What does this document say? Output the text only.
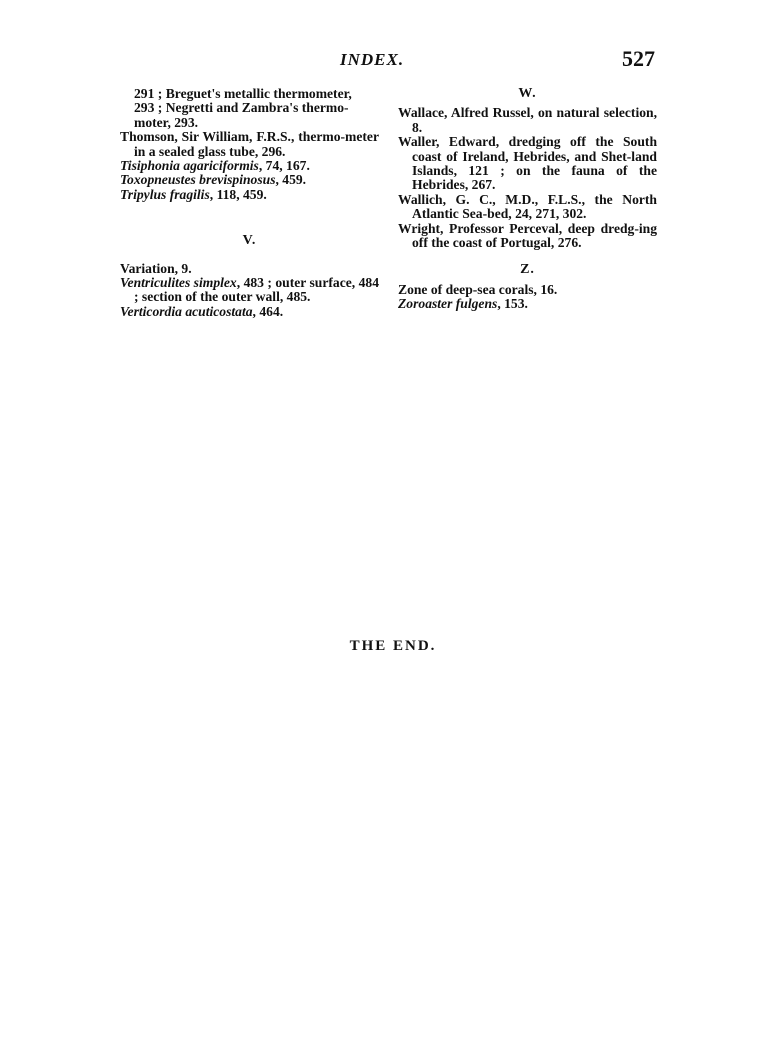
INDEX.	527
291 ; Breguet's metallic thermometer,
293 ; Negretti and Zambra's thermo-
moter, 293.

Thomson, Sir William, F.R.S., thermo-meter in a sealed glass tube, 296.

Tisiphonia agariciformis, 74, 167.

Toxopneustes brevispinosus, 459.

Tripylus fragilis, 118, 459.

V.

Variation, 9.

Ventriculites simplex, 483 ; outer surface, 484 ; section of the outer wall, 485.

Verticordia acuticostata, 464.

W.

Wallace, Alfred Russel, on natural selection, 8.

Waller, Edward, dredging off the South coast of Ireland, Hebrides, and Shet-land Islands, 121 ; on the fauna of the Hebrides, 267.

Wallich, G. C., M.D., F.L.S., the North Atlantic Sea-bed, 24, 271, 302.

Wright, Professor Perceval, deep dredg-ing off the coast of Portugal, 276.

Z.

Zone of deep-sea corals, 16.

Zoroaster fulgens, 153.

THE END.
